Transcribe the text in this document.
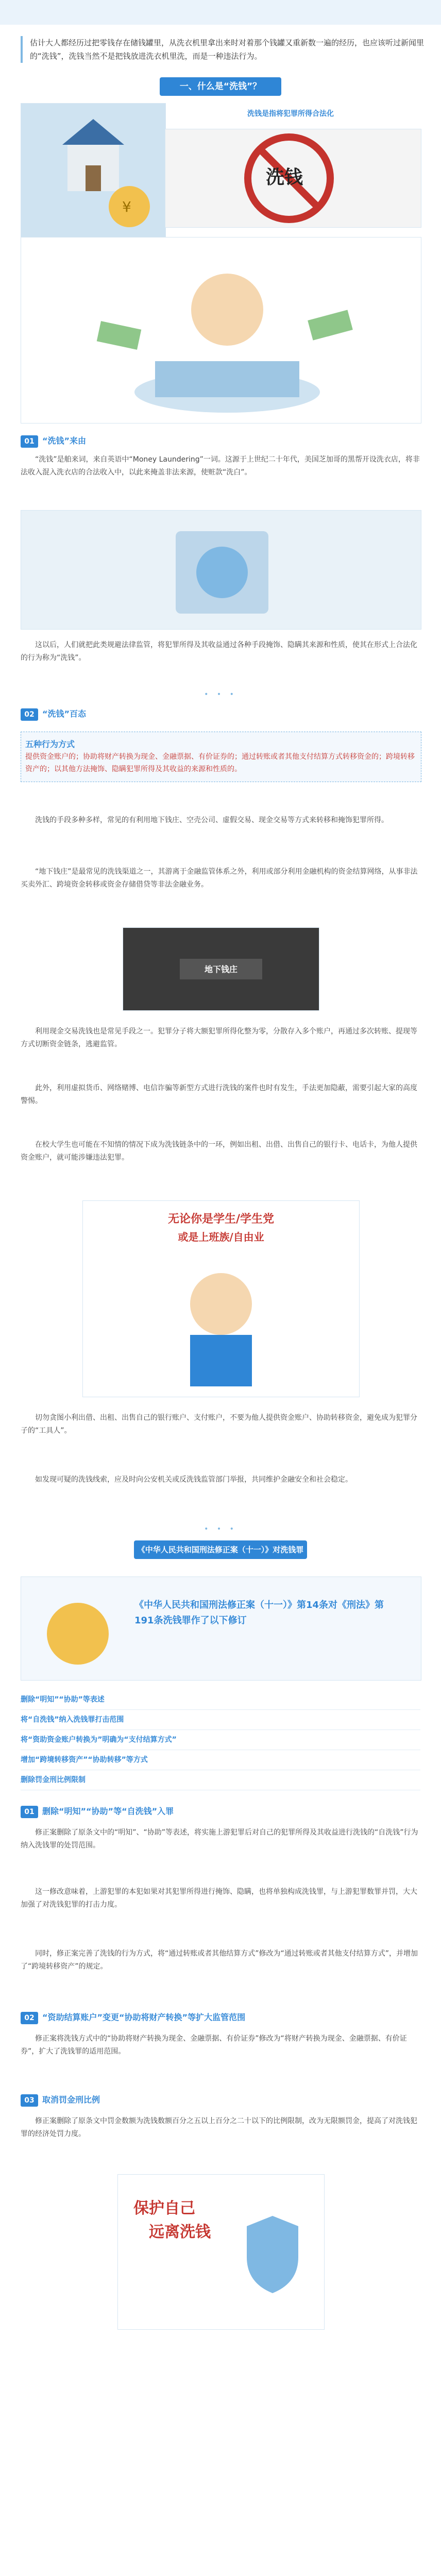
估计大人都经历过把零钱存在储钱罐里，从洗衣机里拿出来时对着那个钱罐又重新数一遍的经历，也应该听过新闻里的“洗钱”，洗钱当然不是把钱放进洗衣机里洗，而是一种违法行为。
一、什么是“洗钱”？
¥
洗钱是指将犯罪所得合法化
洗钱
01 “洗钱”来由
“洗钱”是舶来词，来自英语中“Money Laundering”一词。这源于上世纪二十年代，美国芝加哥的黑帮开设洗衣店，将非法收入混入洗衣店的合法收入中，以此来掩盖非法来源，使赃款“洗白”。
这以后，人们就把此类规避法律监管，将犯罪所得及其收益通过各种手段掩饰、隐瞒其来源和性质，使其在形式上合法化的行为称为“洗钱”。
• • •
02 “洗钱”百态
五种行为方式
提供资金账户的；协助将财产转换为现金、金融票据、有价证券的；通过转账或者其他支付结算方式转移资金的；跨境转移资产的；以其他方法掩饰、隐瞒犯罪所得及其收益的来源和性质的。
洗钱的手段多种多样，常见的有利用地下钱庄、空壳公司、虚假交易、现金交易等方式来转移和掩饰犯罪所得。
“地下钱庄”是最常见的洗钱渠道之一，其游离于金融监管体系之外，利用或部分利用金融机构的资金结算网络，从事非法买卖外汇、跨境资金转移或资金存储借贷等非法金融业务。
地下钱庄
利用现金交易洗钱也是常见手段之一。犯罪分子将大额犯罪所得化整为零，分散存入多个账户，再通过多次转账、提现等方式切断资金链条，逃避监管。
此外，利用虚拟货币、网络赌博、电信诈骗等新型方式进行洗钱的案件也时有发生，手法更加隐蔽，需要引起大家的高度警惕。
在校大学生也可能在不知情的情况下成为洗钱链条中的一环，例如出租、出借、出售自己的银行卡、电话卡，为他人提供资金账户，就可能涉嫌违法犯罪。
无论你是学生/学生党
或是上班族/自由业
切勿贪图小利出借、出租、出售自己的银行账户、支付账户，不要为他人提供资金账户、协助转移资金，避免成为犯罪分子的“工具人”。
如发现可疑的洗钱线索，应及时向公安机关或反洗钱监管部门举报，共同维护金融安全和社会稳定。
• • •
《中华人民共和国刑法修正案（十一）》对洗钱罪的修改
《中华人民共和国刑法修正案（十一）》第14条对《刑法》第191条洗钱罪作了以下修订
删除“明知”“协助”等表述
将“自洗钱”纳入洗钱罪打击范围
将“资助资金账户转换为”明确为“支付结算方式”
增加“跨境转移资产”“协助转移”等方式
删除罚金刑比例限制
01 删除“明知”“协助”等“自洗钱”入罪
修正案删除了原条文中的“明知”、“协助”等表述，将实施上游犯罪后对自己的犯罪所得及其收益进行洗钱的“自洗钱”行为纳入洗钱罪的处罚范围。
这一修改意味着，上游犯罪的本犯如果对其犯罪所得进行掩饰、隐瞒，也将单独构成洗钱罪，与上游犯罪数罪并罚，大大加强了对洗钱犯罪的打击力度。
同时，修正案完善了洗钱的行为方式，将“通过转账或者其他结算方式”修改为“通过转账或者其他支付结算方式”，并增加了“跨境转移资产”的规定。
02 “资助结算账户”变更“协助将财产转换”等扩大监管范围
修正案将洗钱方式中的“协助将财产转换为现金、金融票据、有价证券”修改为“将财产转换为现金、金融票据、有价证券”，扩大了洗钱罪的适用范围。
03 取消罚金刑比例
修正案删除了原条文中罚金数额为洗钱数额百分之五以上百分之二十以下的比例限制，改为无限额罚金，提高了对洗钱犯罪的经济处罚力度。
保护自己
远离洗钱
